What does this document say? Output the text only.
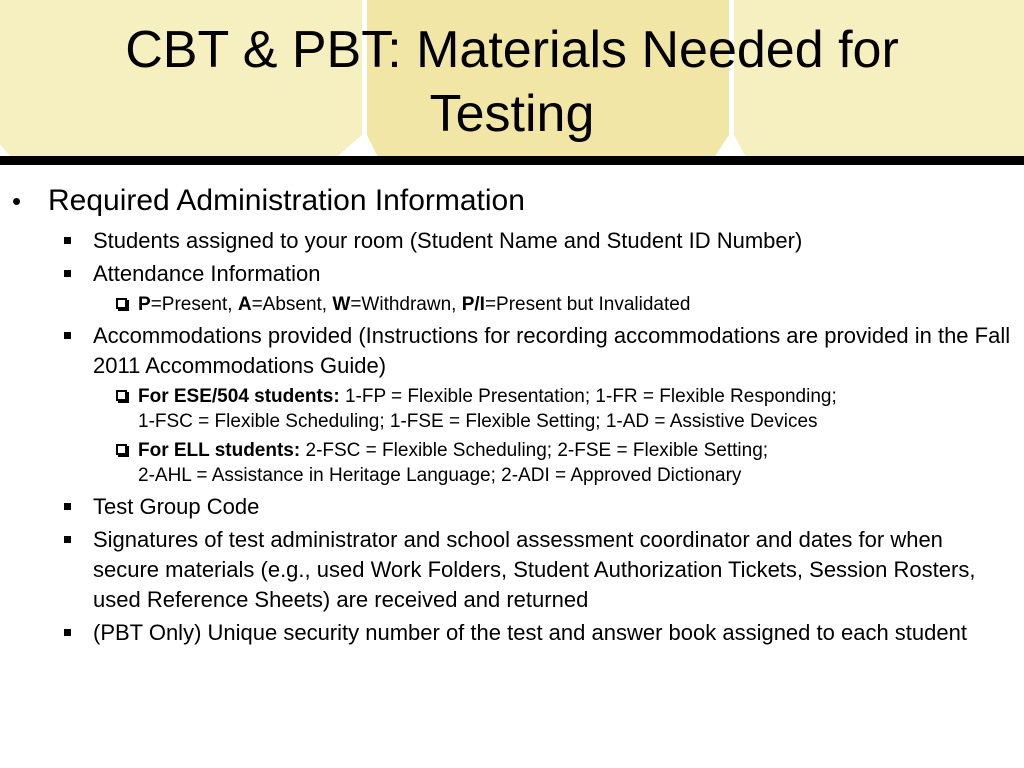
CBT & PBT: Materials Needed for Testing
• Required Administration Information
Students assigned to your room (Student Name and Student ID Number)
Attendance Information
P=Present, A=Absent, W=Withdrawn, P/I=Present but Invalidated
Accommodations provided (Instructions for recording accommodations are provided in the Fall 2011 Accommodations Guide)
For ESE/504 students: 1-FP = Flexible Presentation; 1-FR = Flexible Responding;
1-FSC = Flexible Scheduling; 1-FSE = Flexible Setting; 1-AD = Assistive Devices
For ELL students: 2-FSC = Flexible Scheduling; 2-FSE = Flexible Setting;
2-AHL = Assistance in Heritage Language; 2-ADI = Approved Dictionary
Test Group Code
Signatures of test administrator and school assessment coordinator and dates for when secure materials (e.g., used Work Folders, Student Authorization Tickets, Session Rosters, used Reference Sheets) are received and returned
(PBT Only) Unique security number of the test and answer book assigned to each student
